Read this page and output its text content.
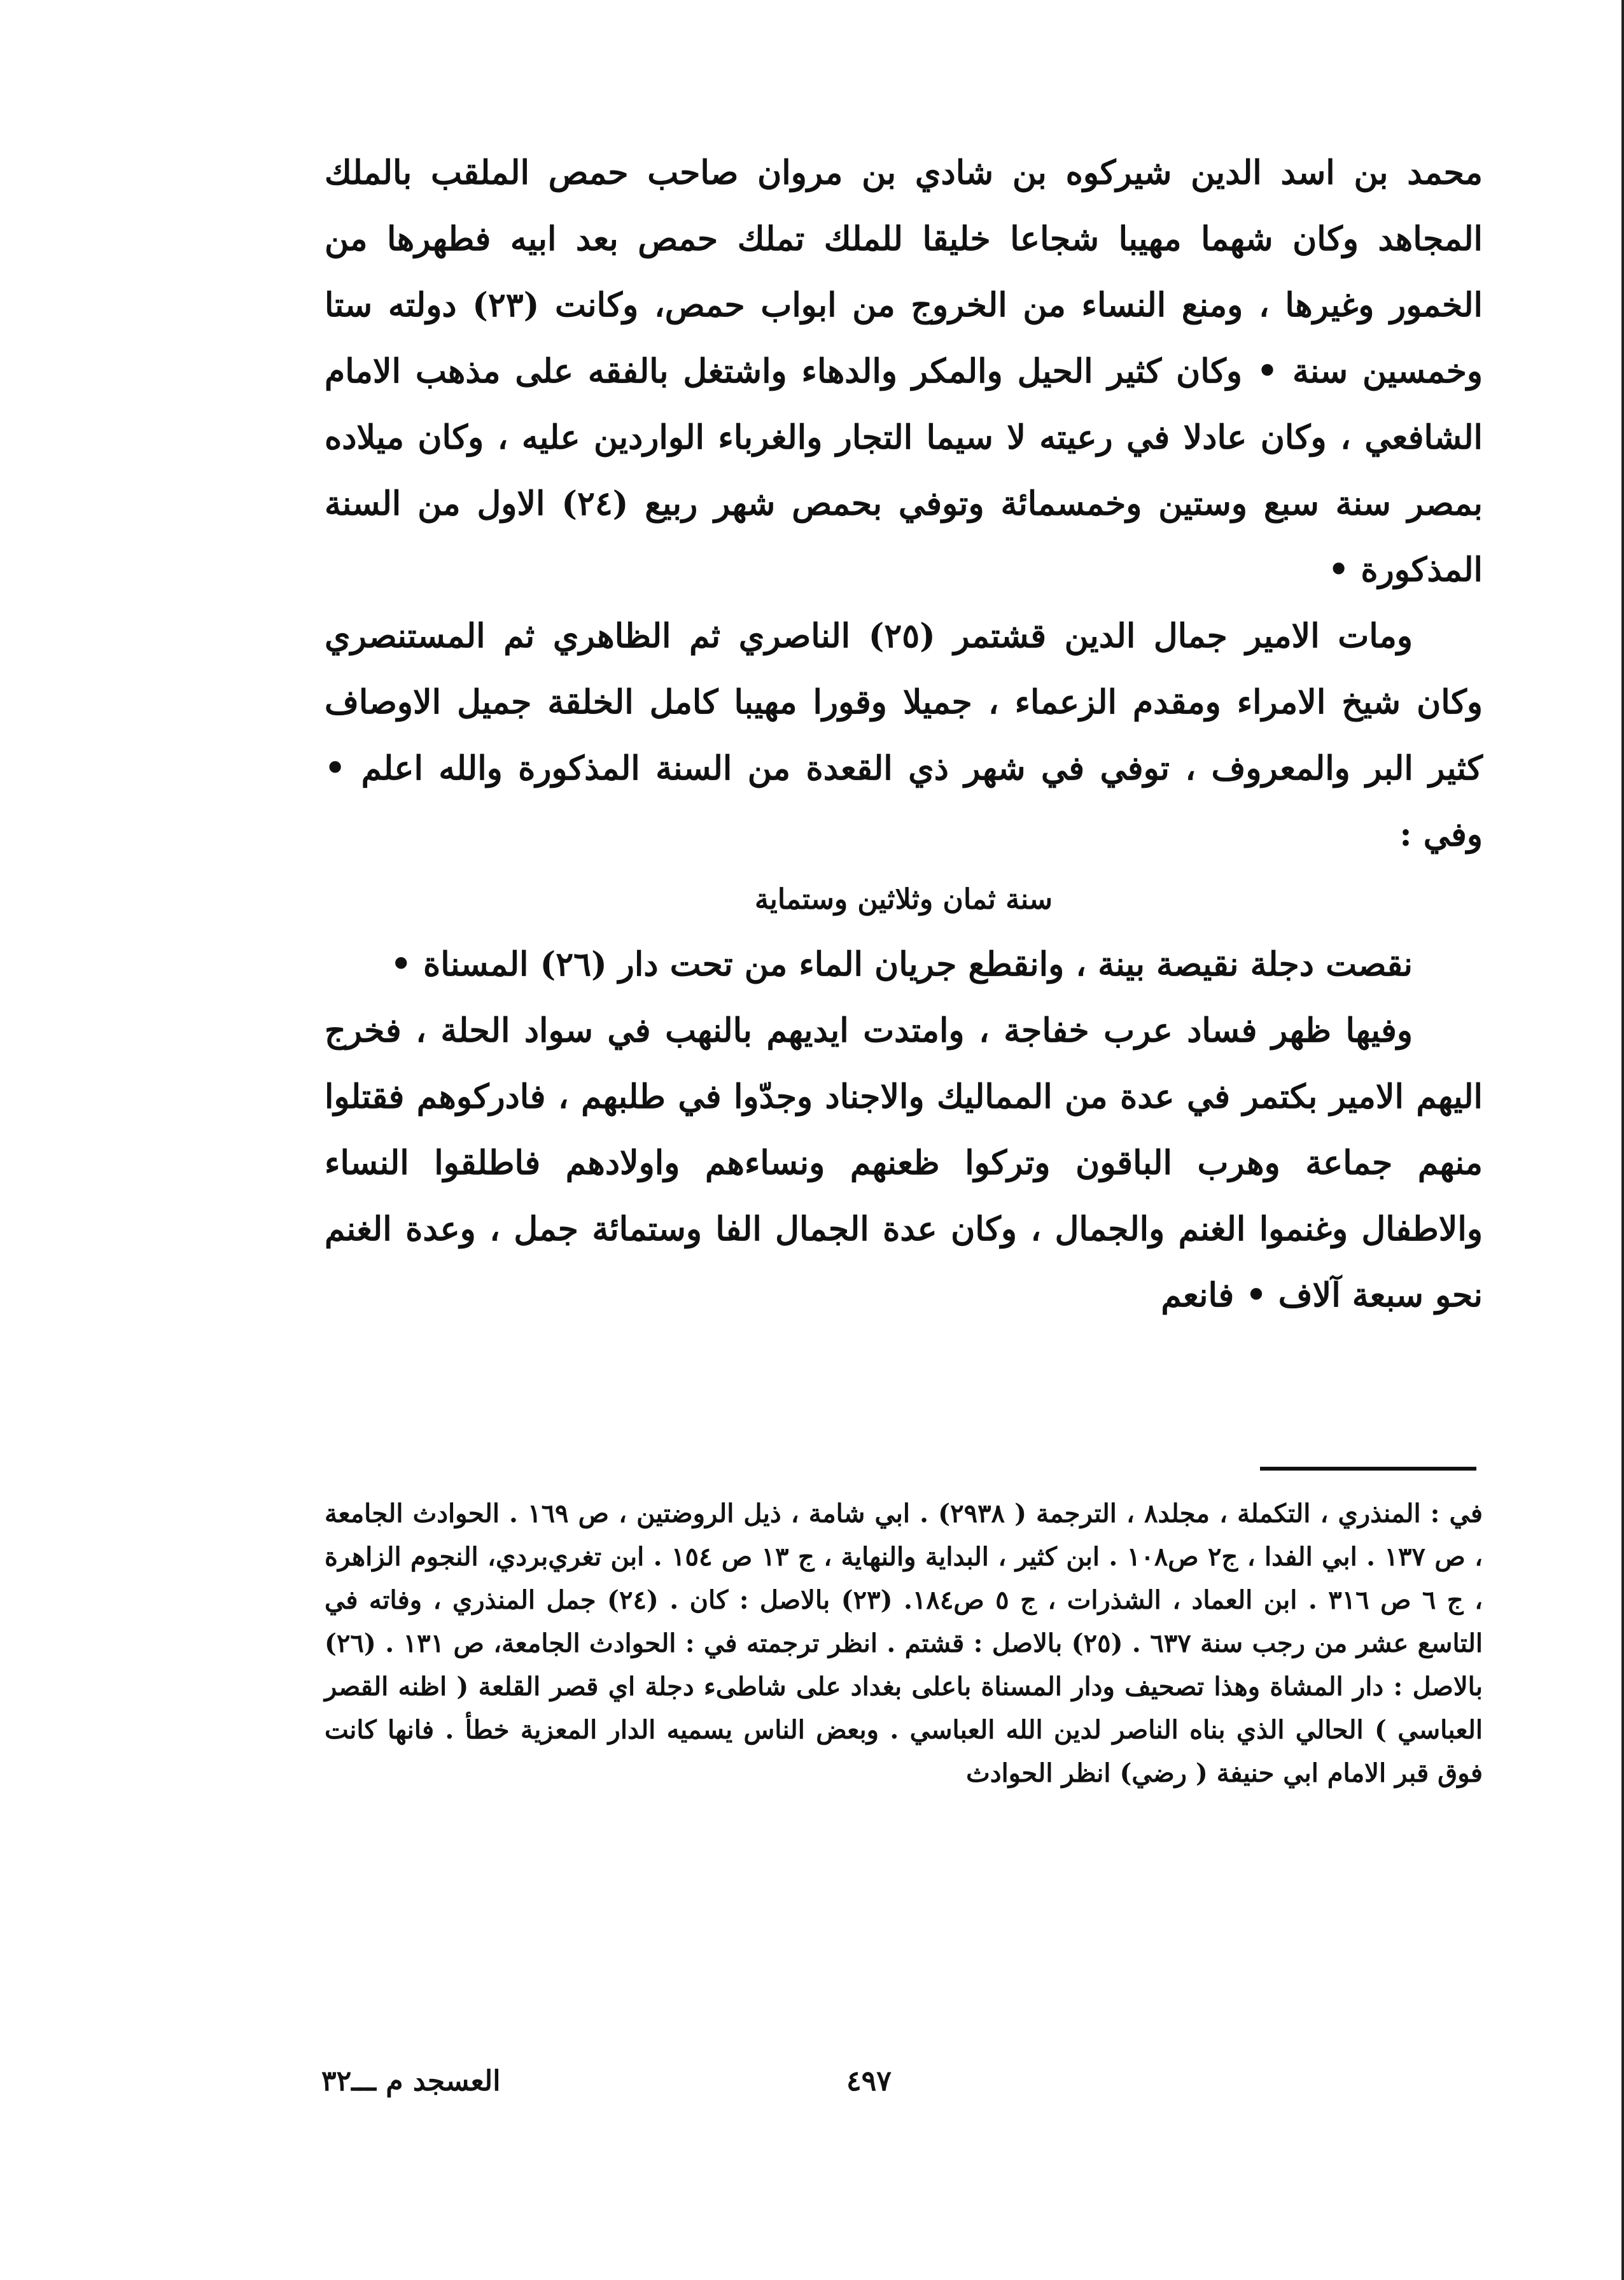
محمد بن اسد الدين شيركوه بن شادي بن مروان صاحب حمص الملقب بالملك المجاهد وكان شهما مهيبا شجاعا خليقا للملك تملك حمص بعد ابيه فطهرها من الخمور وغيرها ، ومنع النساء من الخروج من ابواب حمص، وكانت (٢٣) دولته ستا وخمسين سنة • وكان كثير الحيل والمكر والدهاء واشتغل بالفقه على مذهب الامام الشافعي ، وكان عادلا في رعيته لا سيما التجار والغرباء الواردين عليه ، وكان ميلاده بمصر سنة سبع وستين وخمسمائة وتوفي بحمص شهر ربيع (٢٤) الاول من السنة المذكورة •

ومات الامير جمال الدين قشتمر (٢٥) الناصري ثم الظاهري ثم المستنصري وكان شيخ الامراء ومقدم الزعماء ، جميلا وقورا مهيبا كامل الخلقة جميل الاوصاف كثير البر والمعروف ، توفي في شهر ذي القعدة من السنة المذكورة والله اعلم • وفي :

سنة ثمان وثلاثين وستماية

نقصت دجلة نقيصة بينة ، وانقطع جريان الماء من تحت دار (٢٦) المسناة •

وفيها ظهر فساد عرب خفاجة ، وامتدت ايديهم بالنهب في سواد الحلة ، فخرج اليهم الامير بكتمر في عدة من المماليك والاجناد وجدّوا في طلبهم ، فادركوهم فقتلوا منهم جماعة وهرب الباقون وتركوا ظعنهم ونساءهم واولادهم فاطلقوا النساء والاطفال وغنموا الغنم والجمال ، وكان عدة الجمال الفا وستمائة جمل ، وعدة الغنم نحو سبعة آلاف • فانعم

في : المنذري ، التكملة ، مجلد٨ ، الترجمة ( ٢٩٣٨) . ابي شامة ، ذيل الروضتين ، ص ١٦٩ . الحوادث الجامعة ، ص ١٣٧ . ابي الفدا ، ج٢ ص١٠٨ . ابن كثير ، البداية والنهاية ، ج ١٣ ص ١٥٤ . ابن تغري‌بردي، النجوم الزاهرة ، ج ٦ ص ٣١٦ . ابن العماد ، الشذرات ، ج ٥ ص١٨٤. (٢٣) بالاصل : كان . (٢٤) جمل المنذري ، وفاته في التاسع عشر من رجب سنة ٦٣٧ . (٢٥) بالاصل : قشتم . انظر ترجمته في : الحوادث الجامعة، ص ١٣١ . (٢٦) بالاصل : دار المشاة وهذا تصحيف ودار المسناة باعلى بغداد على شاطىء دجلة اي قصر القلعة ( اظنه القصر العباسي ) الحالي الذي بناه الناصر لدين الله العباسي . وبعض الناس يسميه الدار المعزية خطأ . فانها كانت فوق قبر الامام ابي حنيفة ( رضي) انظر الحوادث

٤٩٧
العسجد م ـــ٣٢
